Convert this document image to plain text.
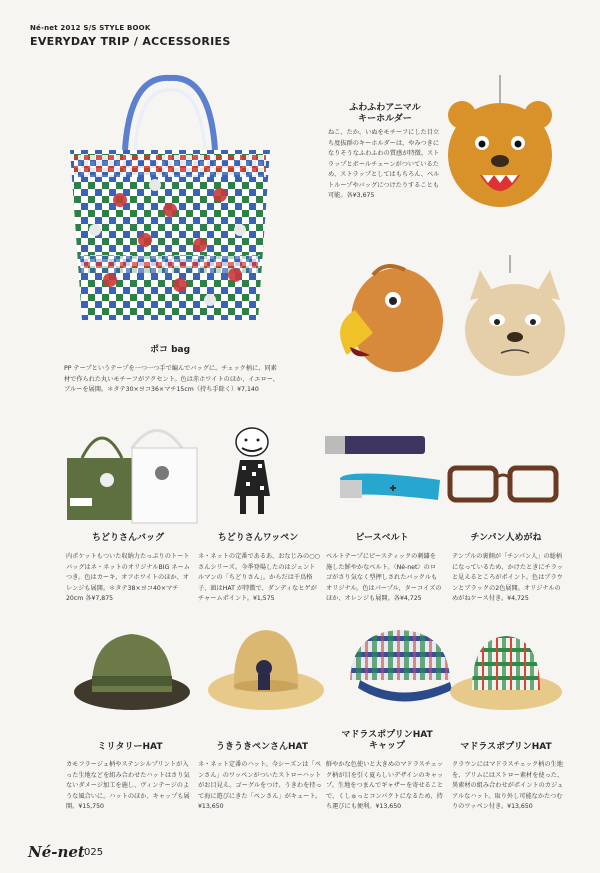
Né-net 2012 S/S STYLE BOOK
EVERYDAY TRIP / ACCESSORIES
ポコ bag
PP テープというテープを一つ一つ手で編んでバッグに。チェック柄に、同素材で作られた丸いモチーフがアクセント。色は赤ホワイトのほか、イエロー、ブルーを展開。＊タテ30×ヨコ36×マチ15cm（持ち手除く）¥7,140
ふわふわアニマル
キーホルダー
ねこ、たか、いぬをモチーフにした目立ち度抜群のキーホルダーは、やみつきになりそうなふわふわの質感が特徴。ストラップとボールチェーンがついているため、ストラップとしてはもちろん、ベルトループやバッグにつけたりすることも可能。各¥3,675
ちどりさんバッグ
内ポケットもついた収納力たっぷりのトートバッグはネ・ネットのオリジナルBIG ネームつき。色はカーキ、オフホワイトのほか、オレンジも展開。＊タテ38×ヨコ40×マチ20cm 各¥7,875
ちどりさんワッペン
ネ・ネットの定番であるあ、おなじみの○○さんシリーズ。今季登場したのはジェントルマンの「ちどりさん」。からだは千鳥格子、頭はHAT が特徴で、ダンディなヒゲがチャームポイント。¥1,575
ピースベルト
ベルトテープにピースティックの刺繍を施した鮮やかなベルト。〈Né-net〉のロゴがさり気なく型押しされたバックルもオリジナル。色はパープル、ターコイズのほか、オレンジも展開。各¥4,725
チンパン人めがね
テンプルの裏側が「チンパン人」の総柄になっているため、かけたときにチラッと見えるところがポイント。色はブラウンとブラックの2色展開。オリジナルのめがねケース付き。¥4,725
ミリタリーHAT
カモフラージュ柄やステンシルプリントが入った生地などを組み合わせたハットはさり気ないダメージ加工を施し、ヴィンテージのような風合いに。ハットのほか、キャップも展開。¥15,750
うきうきペンさんHAT
ネ・ネット定番のハット。今シーズンは「ペンさん」のワッペンがついたストローハットがお目見え。ゴーグルをつけ、うきわを持って海に遊びにきた「ペンさん」がキュート。¥13,650
マドラスポプリンHAT
キャップ
鮮やかな色使いと大きめのマドラスチェック柄が目を引く夏らしいデザインのキャップ。生地をつまんでギャザーを寄せることで、くしゅっとコンパクトになるため、持ち運びにも便利。¥13,650
マドラスポプリンHAT
クラウンにはマドラスチェック柄の生地を、ブリムにはストロー素材を使った、異素材の組み合わせがポイントのカジュアルなハット。取り外し可能なかたつむりのワッペン付き。¥13,650
Né-net 025
